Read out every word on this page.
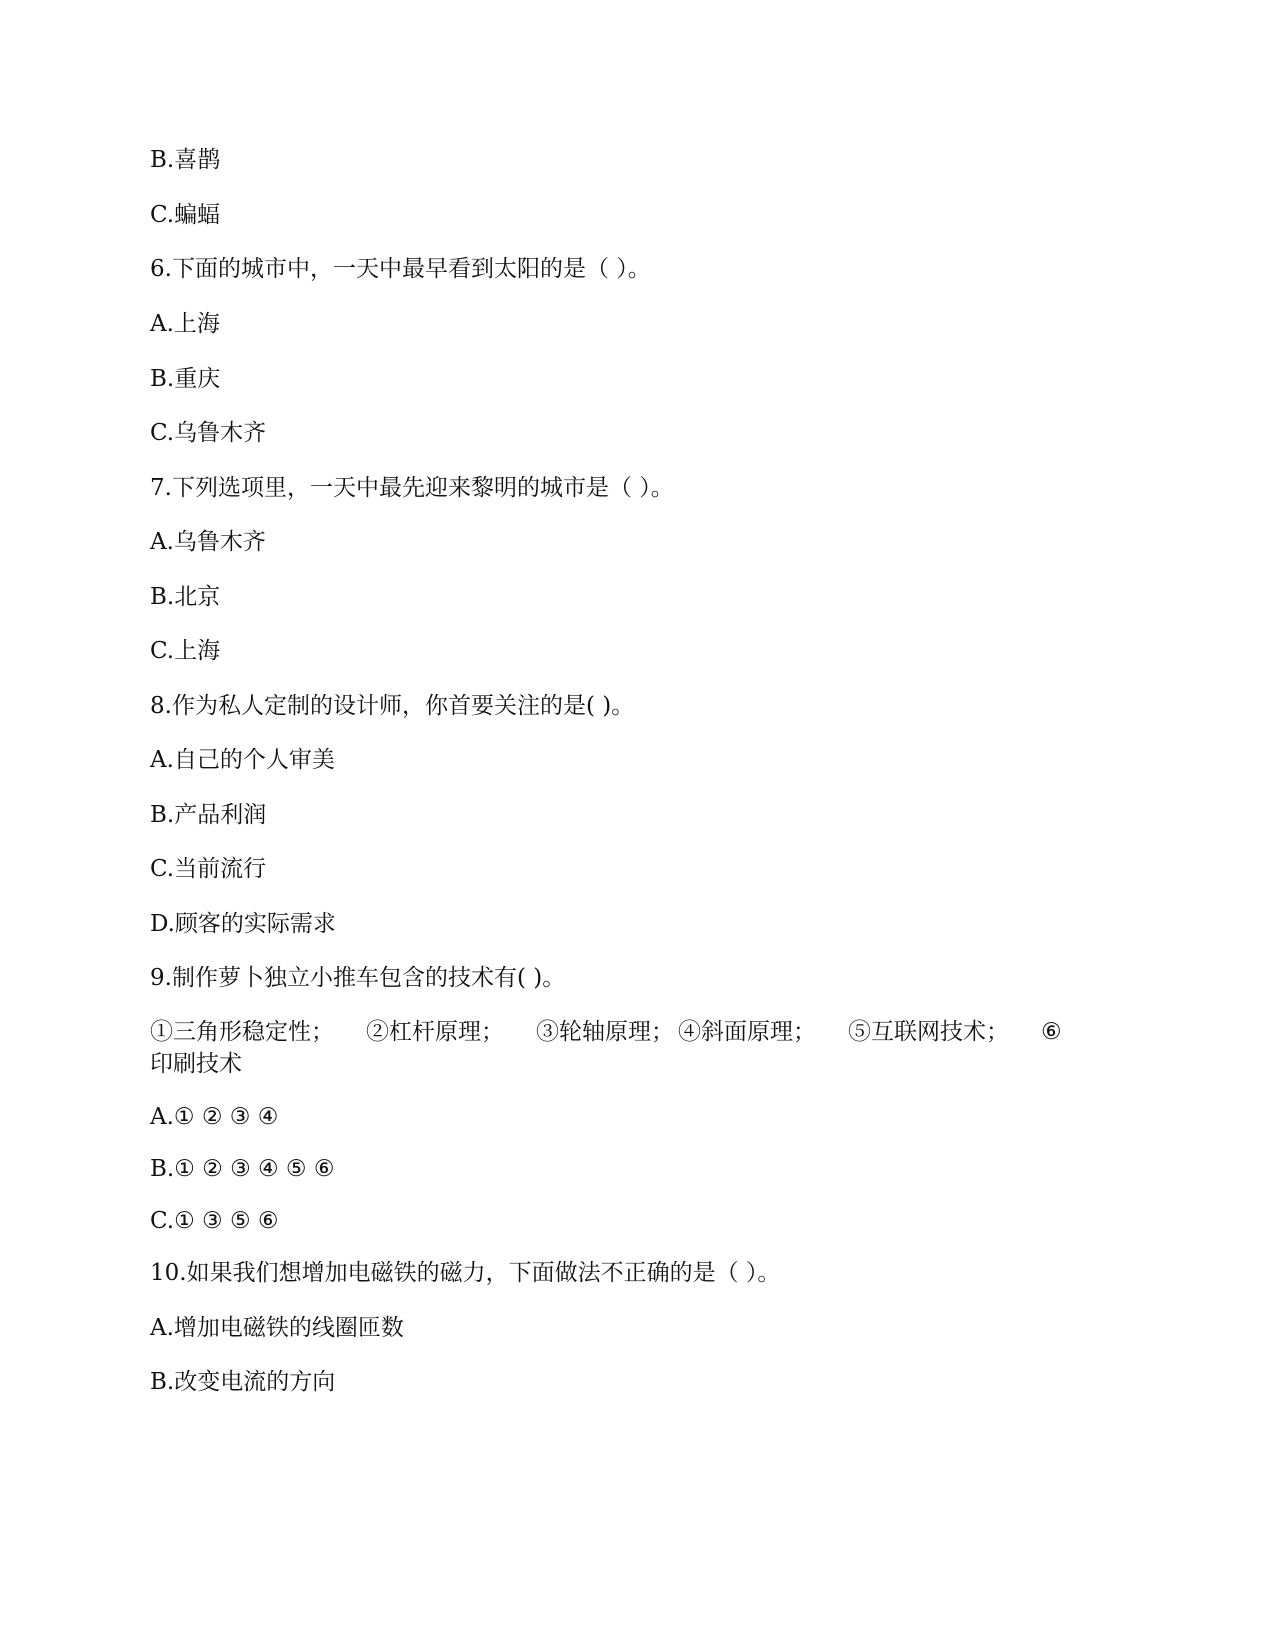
B.喜鹊
C.蝙蝠
6.下面的城市中，一天中最早看到太阳的是（ ）。
A.上海
B.重庆
C.乌鲁木齐
7.下列选项里，一天中最先迎来黎明的城市是（ ）。
A.乌鲁木齐
B.北京
C.上海
8.作为私人定制的设计师，你首要关注的是( )。
A.自己的个人审美
B.产品利润
C.当前流行
D.顾客的实际需求
9.制作萝卜独立小推车包含的技术有( )。
①三角形稳定性； ②杠杆原理； ③轮轴原理； ④斜面原理； ⑤互联网技术； ⑥
印刷技术
A.① ② ③ ④
B.① ② ③ ④ ⑤ ⑥
C.① ③ ⑤ ⑥
10.如果我们想增加电磁铁的磁力，下面做法不正确的是（ ）。
A.增加电磁铁的线圈匝数
B.改变电流的方向
